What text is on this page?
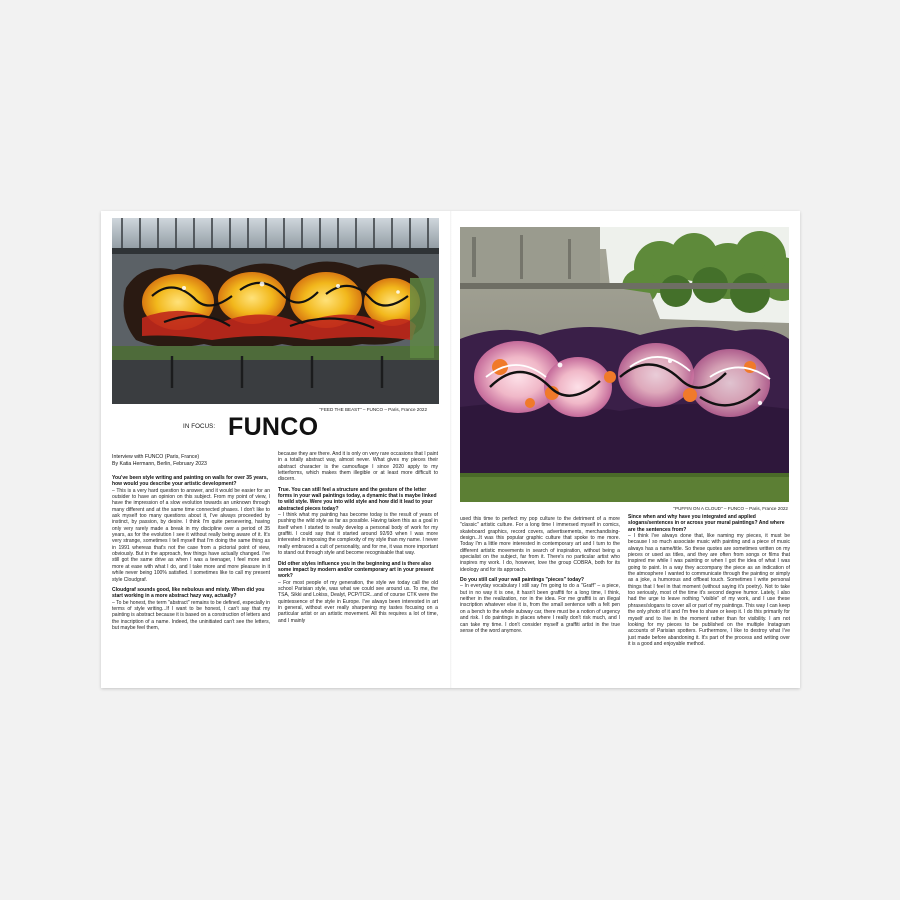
"FEED THE BEAST" – FUNCO – Paris, France 2022
IN FOCUS: FUNCO
Interview with FUNCO (Paris, France)
By Katia Hermann, Berlin, February 2023
You've been style writing and painting on walls for over 35 years, how would you describe your artistic development?
– This is a very hard question to answer, and it would be easier for an outsider to have an opinion on this subject. From my point of view, I have the impression of a slow evolution towards an unknown through many different and at the same time connected phases. I don't like to ask myself too many questions about it, I've always proceeded by instinct, by passion, by desire. I think I'm quite persevering, having only very rarely made a break in my discipline over a period of 35 years, as for the evolution I see it without really being aware of it. It's very strange, sometimes I tell myself that I'm doing the same thing as in 1991 whereas that's not the case from a pictorial point of view, obviously. But in the approach, few things have actually changed. I've still got the same drive as when I was a teenager, I feel more and more at ease with what I do, and I take more and more pleasure in it while never being 100% satisfied. I sometimes like to call my present style Cloudgraf.
Cloudgraf sounds good, like nebulous and misty. When did you start working in a more abstract hazy way, actually?
– To be honest, the term "abstract" remains to be defined, especially in terms of style writing...If I want to be honest, I can't say that my painting is abstract because it is based on a construction of letters and the inscription of a name. Indeed, the uninitiated can't see the letters, but maybe feel them,
because they are there. And it is only on very rare occasions that I paint in a totally abstract way, almost never. What gives my pieces their abstract character is the camouflage I since 2020 apply to my letterforms, which makes them illegible or at least more difficult to discern.
True. You can still feel a structure and the gesture of the letter forms in your wall paintings today, a dynamic that is maybe linked to wild style. Were you into wild style and how did it lead to your abstracted pieces today?
– I think what my painting has become today is the result of years of pushing the wild style as far as possible. Having taken this as a goal in itself when I started to really develop a personal body of work for my graffiti. I could say that it started around 92/93 when I was more interested in imposing the complexity of my style than my name. I never really embraced a cult of personality, and for me, it was more important to stand out through style and become recognisable that way.
Did other styles influence you in the beginning and is there also some impact by modern and/or contemporary art in your present work?
– For most people of my generation, the style we today call the old school Parisian style, was what we could see around us. To me, the TSA, Sikki and Lokiss, Dealyt, PCP/TCR...and of course CTK were the quintessence of the style in Europe. I've always been interested in art in general, without ever really sharpening my tastes focusing on a particular artist or an artistic movement. All this requires a lot of time, and I mainly
"PUFFIN ON A CLOUD" – FUNCO – Paris, France 2022
used this time to perfect my pop culture to the detriment of a more "classic" artistic culture. For a long time I immersed myself in comics, skateboard graphics, record covers, advertisements, merchandising-design...It was this popular graphic culture that spoke to me more. Today I'm a little more interested in contemporary art and I turn to the different artistic movements in search of inspiration, without being a specialist on the subject, far from it. There's no particular artist who inspires my work. I do, however, love the group COBRA, both for its ideology and for its approach.
Do you still call your wall paintings "pieces" today?
– In everyday vocabulary I still say I'm going to do a "Graff" – a piece, but in no way it is one, it hasn't been graffiti for a long time, I think, neither in the realization, nor in the idea. For me graffiti is an illegal inscription whatever else it is, from the small sentence with a felt pen on a bench to the whole subway car, there must be a notion of urgency and risk. I do paintings in places where I really don't risk much, and I can take my time. I don't consider myself a graffiti artist in the true sense of the word anymore.
Since when and why have you integrated and applied slogans/sentences in or across your mural paintings? And where are the sentences from?
– I think I've always done that, like naming my pieces, it must be because I so much associate music with painting and a piece of music always has a name/title. So these quotes are sometimes written on my pieces or used as titles, and they are often from songs or films that inspired me while I was painting or when I got the idea of what I was going to paint. In a way they accompany the piece as an indication of the atmosphere I wanted to communicate through the painting or simply as a joke, a humorous and offbeat touch. Sometimes I write personal things that I feel in that moment (without saying it's poetry). Not to take too seriously, most of the time it's second degree humor. Lately, I also had the urge to leave nothing "visible" of my work, and I use these phrases/slogans to cover all or part of my paintings. This way I can keep the only photo of it and I'm free to share or keep it. I do this primarily for myself and to live in the moment rather than for visibility. I am not looking for my pieces to be published on the multiple Instagram accounts of Parisian spotters. Furthermore, I like to destroy what I've just made before abandoning it. It's part of the process and writing over it is a good and enjoyable method.
